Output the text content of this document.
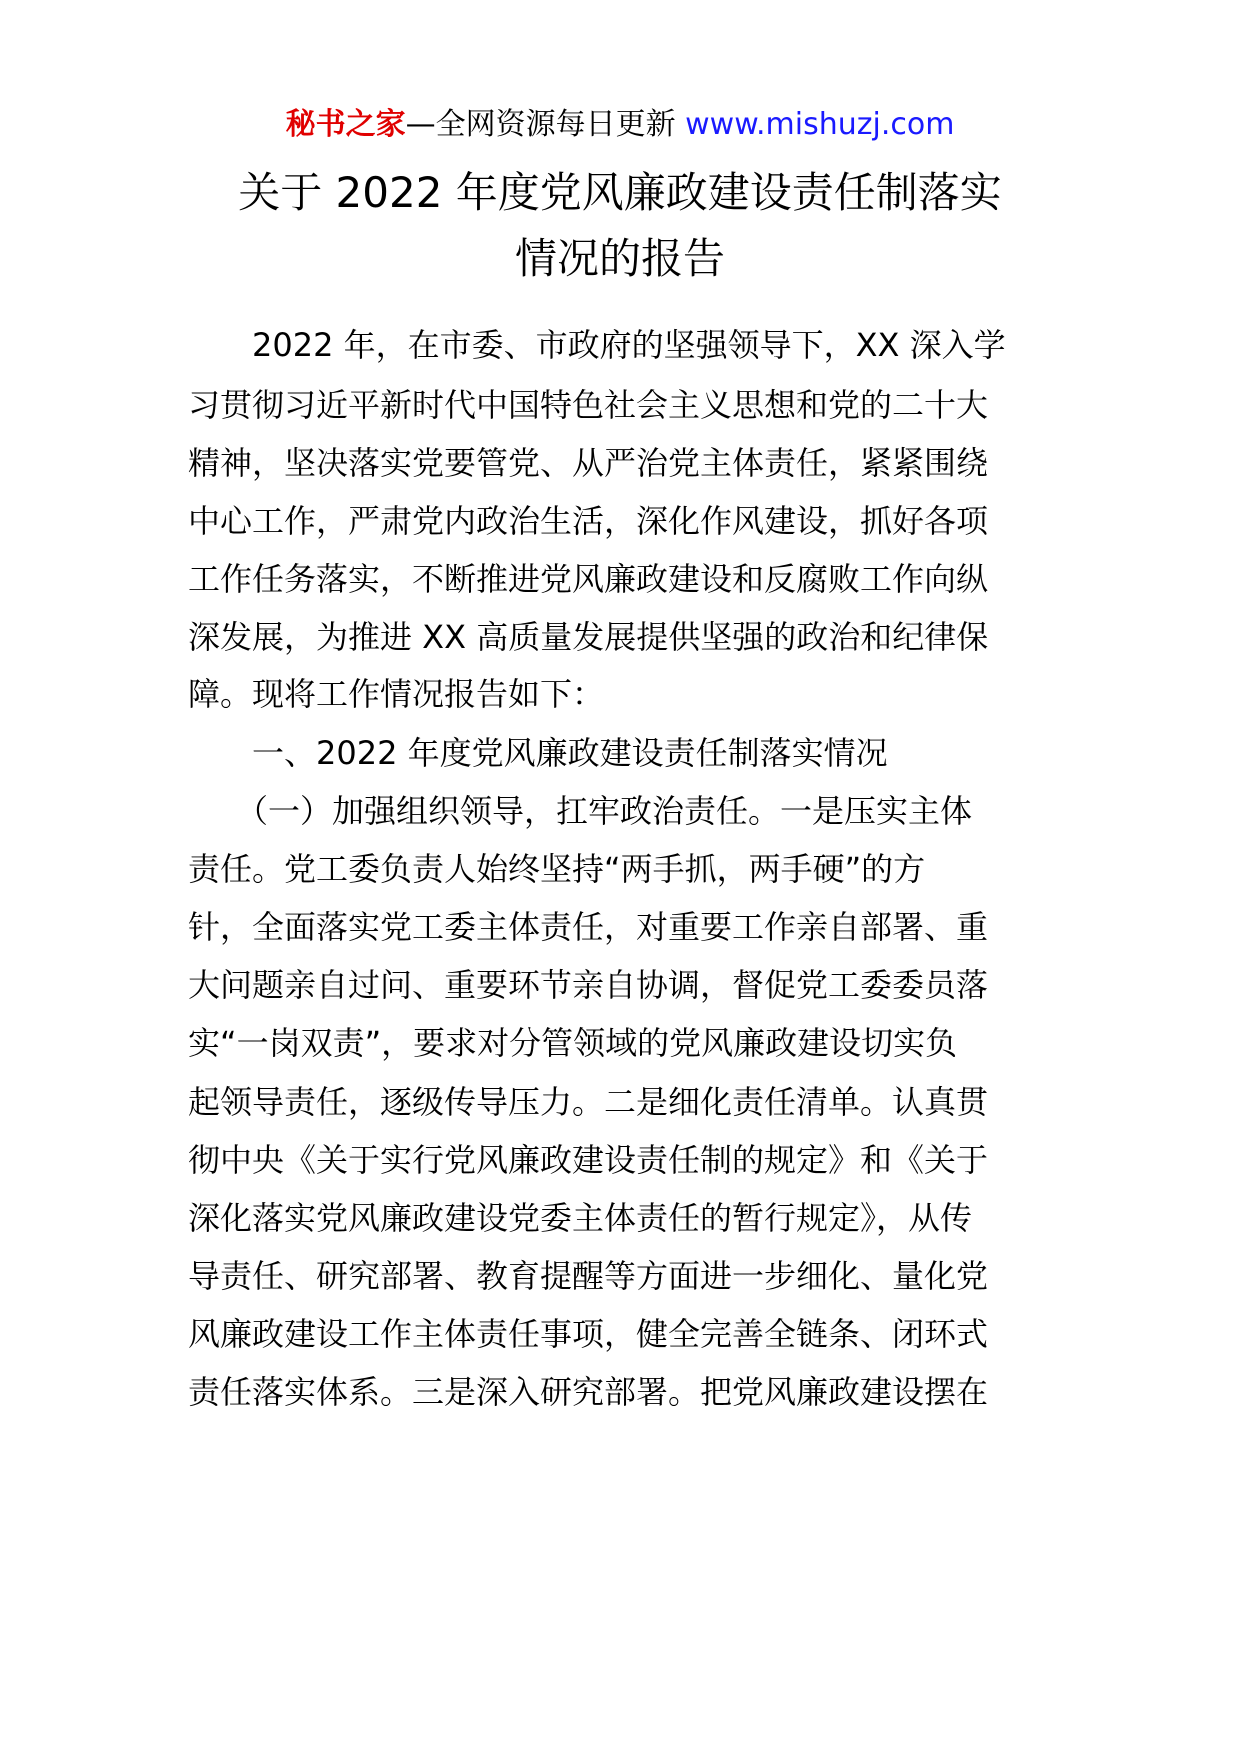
秘书之家—全网资源每日更新 www.mishuzj.com
关于 2022 年度党风廉政建设责任制落实
情况的报告
　　2022 年，在市委、市政府的坚强领导下，XX 深入学
习贯彻习近平新时代中国特色社会主义思想和党的二十大
精神，坚决落实党要管党、从严治党主体责任，紧紧围绕
中心工作，严肃党内政治生活，深化作风建设，抓好各项
工作任务落实，不断推进党风廉政建设和反腐败工作向纵
深发展，为推进 XX 高质量发展提供坚强的政治和纪律保
障。现将工作情况报告如下：
　　一、2022 年度党风廉政建设责任制落实情况
　　（一）加强组织领导，扛牢政治责任。一是压实主体
责任。党工委负责人始终坚持“两手抓，两手硬”的方
针，全面落实党工委主体责任，对重要工作亲自部署、重
大问题亲自过问、重要环节亲自协调，督促党工委委员落
实“一岗双责”，要求对分管领域的党风廉政建设切实负
起领导责任，逐级传导压力。二是细化责任清单。认真贯
彻中央《关于实行党风廉政建设责任制的规定》和《关于
深化落实党风廉政建设党委主体责任的暂行规定》，从传
导责任、研究部署、教育提醒等方面进一步细化、量化党
风廉政建设工作主体责任事项，健全完善全链条、闭环式
责任落实体系。三是深入研究部署。把党风廉政建设摆在
